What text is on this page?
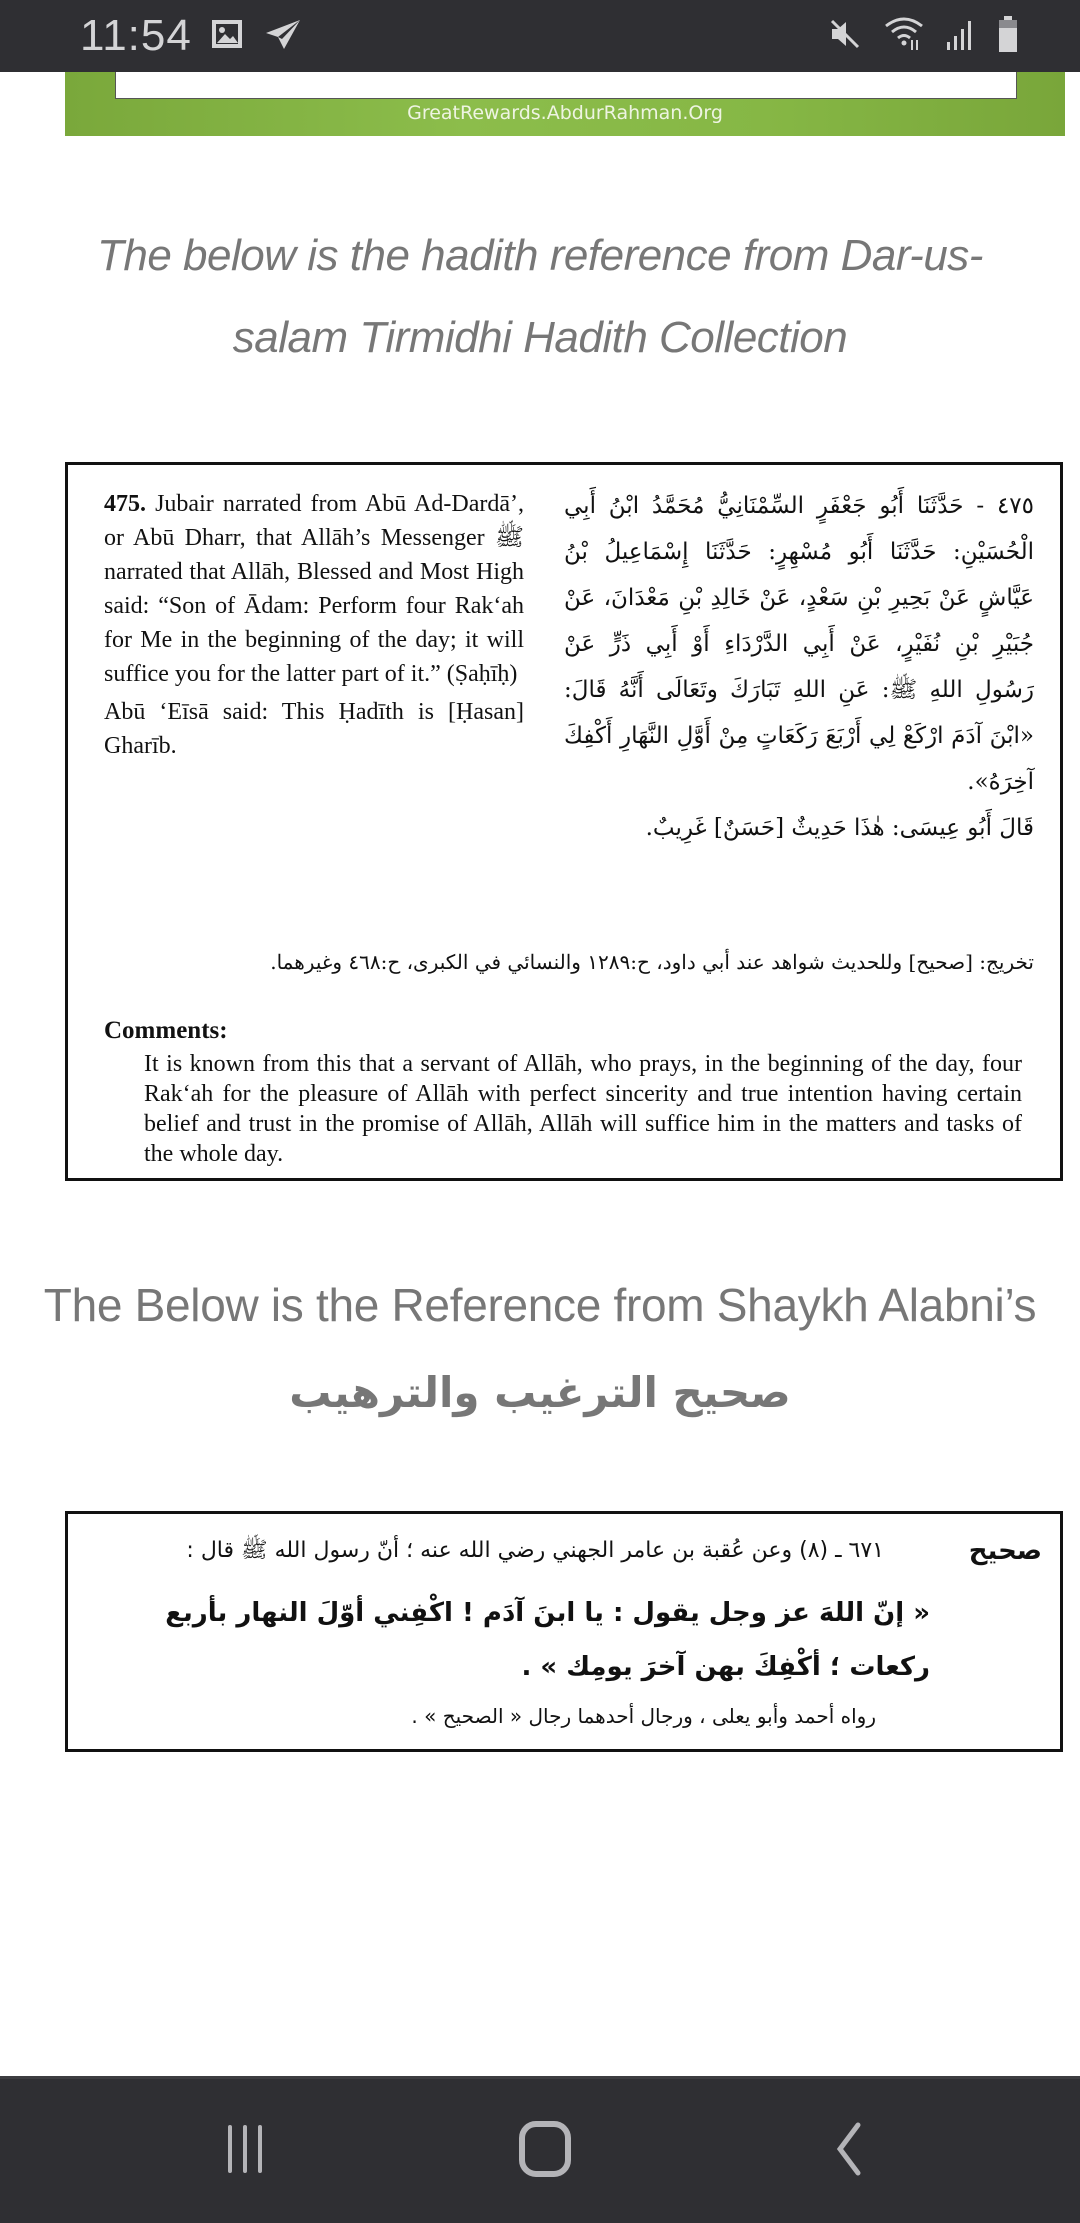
11:54
GreatRewards.AbdurRahman.Org
The below is the hadith reference from Dar-us-salam Tirmidhi Hadith Collection
475. Jubair narrated from Abū Ad-Dardā’, or Abū Dharr, that Allāh’s Messenger ﷺ narrated that Allāh, Blessed and Most High said: “Son of Ādam: Perform four Rak‘ah for Me in the beginning of the day; it will suffice you for the latter part of it.” (Ṣaḥīḥ)
Abū ‘Eīsā said: This Ḥadīth is [Ḥasan] Gharīb.
٤٧٥ - حَدَّثَنَا أَبُو جَعْفَرٍ السِّمْنَانِيُّ مُحَمَّدُ ابْنُ أَبِي الْحُسَيْنِ: حَدَّثَنَا أَبُو مُسْهِرٍ: حَدَّثَنَا إِسْمَاعِيلُ بْنُ عَيَّاشٍ عَنْ بَحِيرِ بْنِ سَعْدٍ، عَنْ خَالِدِ بْنِ مَعْدَانَ، عَنْ جُبَيْرِ بْنِ نُفَيْرٍ، عَنْ أَبِي الدَّرْدَاءِ أَوْ أَبِي ذَرٍّ عَنْ رَسُولِ اللهِ ﷺ: عَنِ اللهِ تَبَارَكَ وتَعَالَى أَنَّهُ قَالَ: «ابْنَ آدَمَ ارْكَعْ لِي أَرْبَعَ رَكَعَاتٍ مِنْ أَوَّلِ النَّهَارِ أَكْفِكَ آخِرَهُ».
قَالَ أَبُو عِيسَى: هٰذَا حَدِيثٌ [حَسَنٌ] غَرِيبٌ.
تخريج: [صحيح] وللحديث شواهد عند أبي داود، ح:١٢٨٩ والنسائي في الكبرى، ح:٤٦٨ وغيرهما.
Comments:
It is known from this that a servant of Allāh, who prays, in the beginning of the day, four Rak‘ah for the pleasure of Allāh with perfect sincerity and true intention having certain belief and trust in the promise of Allāh, Allāh will suffice him in the matters and tasks of the whole day.
The Below is the Reference from Shaykh Alabni’s صحيح الترغيب والترهيب
صحيح
٦٧١ ـ (٨) وعن عُقبة بن عامر الجهني رضي الله عنه ؛ أنّ رسول الله ﷺ قال :
« إنّ اللهَ عز وجل يقول : يا ابنَ آدَم ! اكْفِني أوّلَ النهار بأربع ركعات ؛ أكْفِكَ بهن آخرَ يومِك » .
رواه أحمد وأبو يعلى ، ورجال أحدهما رجال « الصحيح » .
